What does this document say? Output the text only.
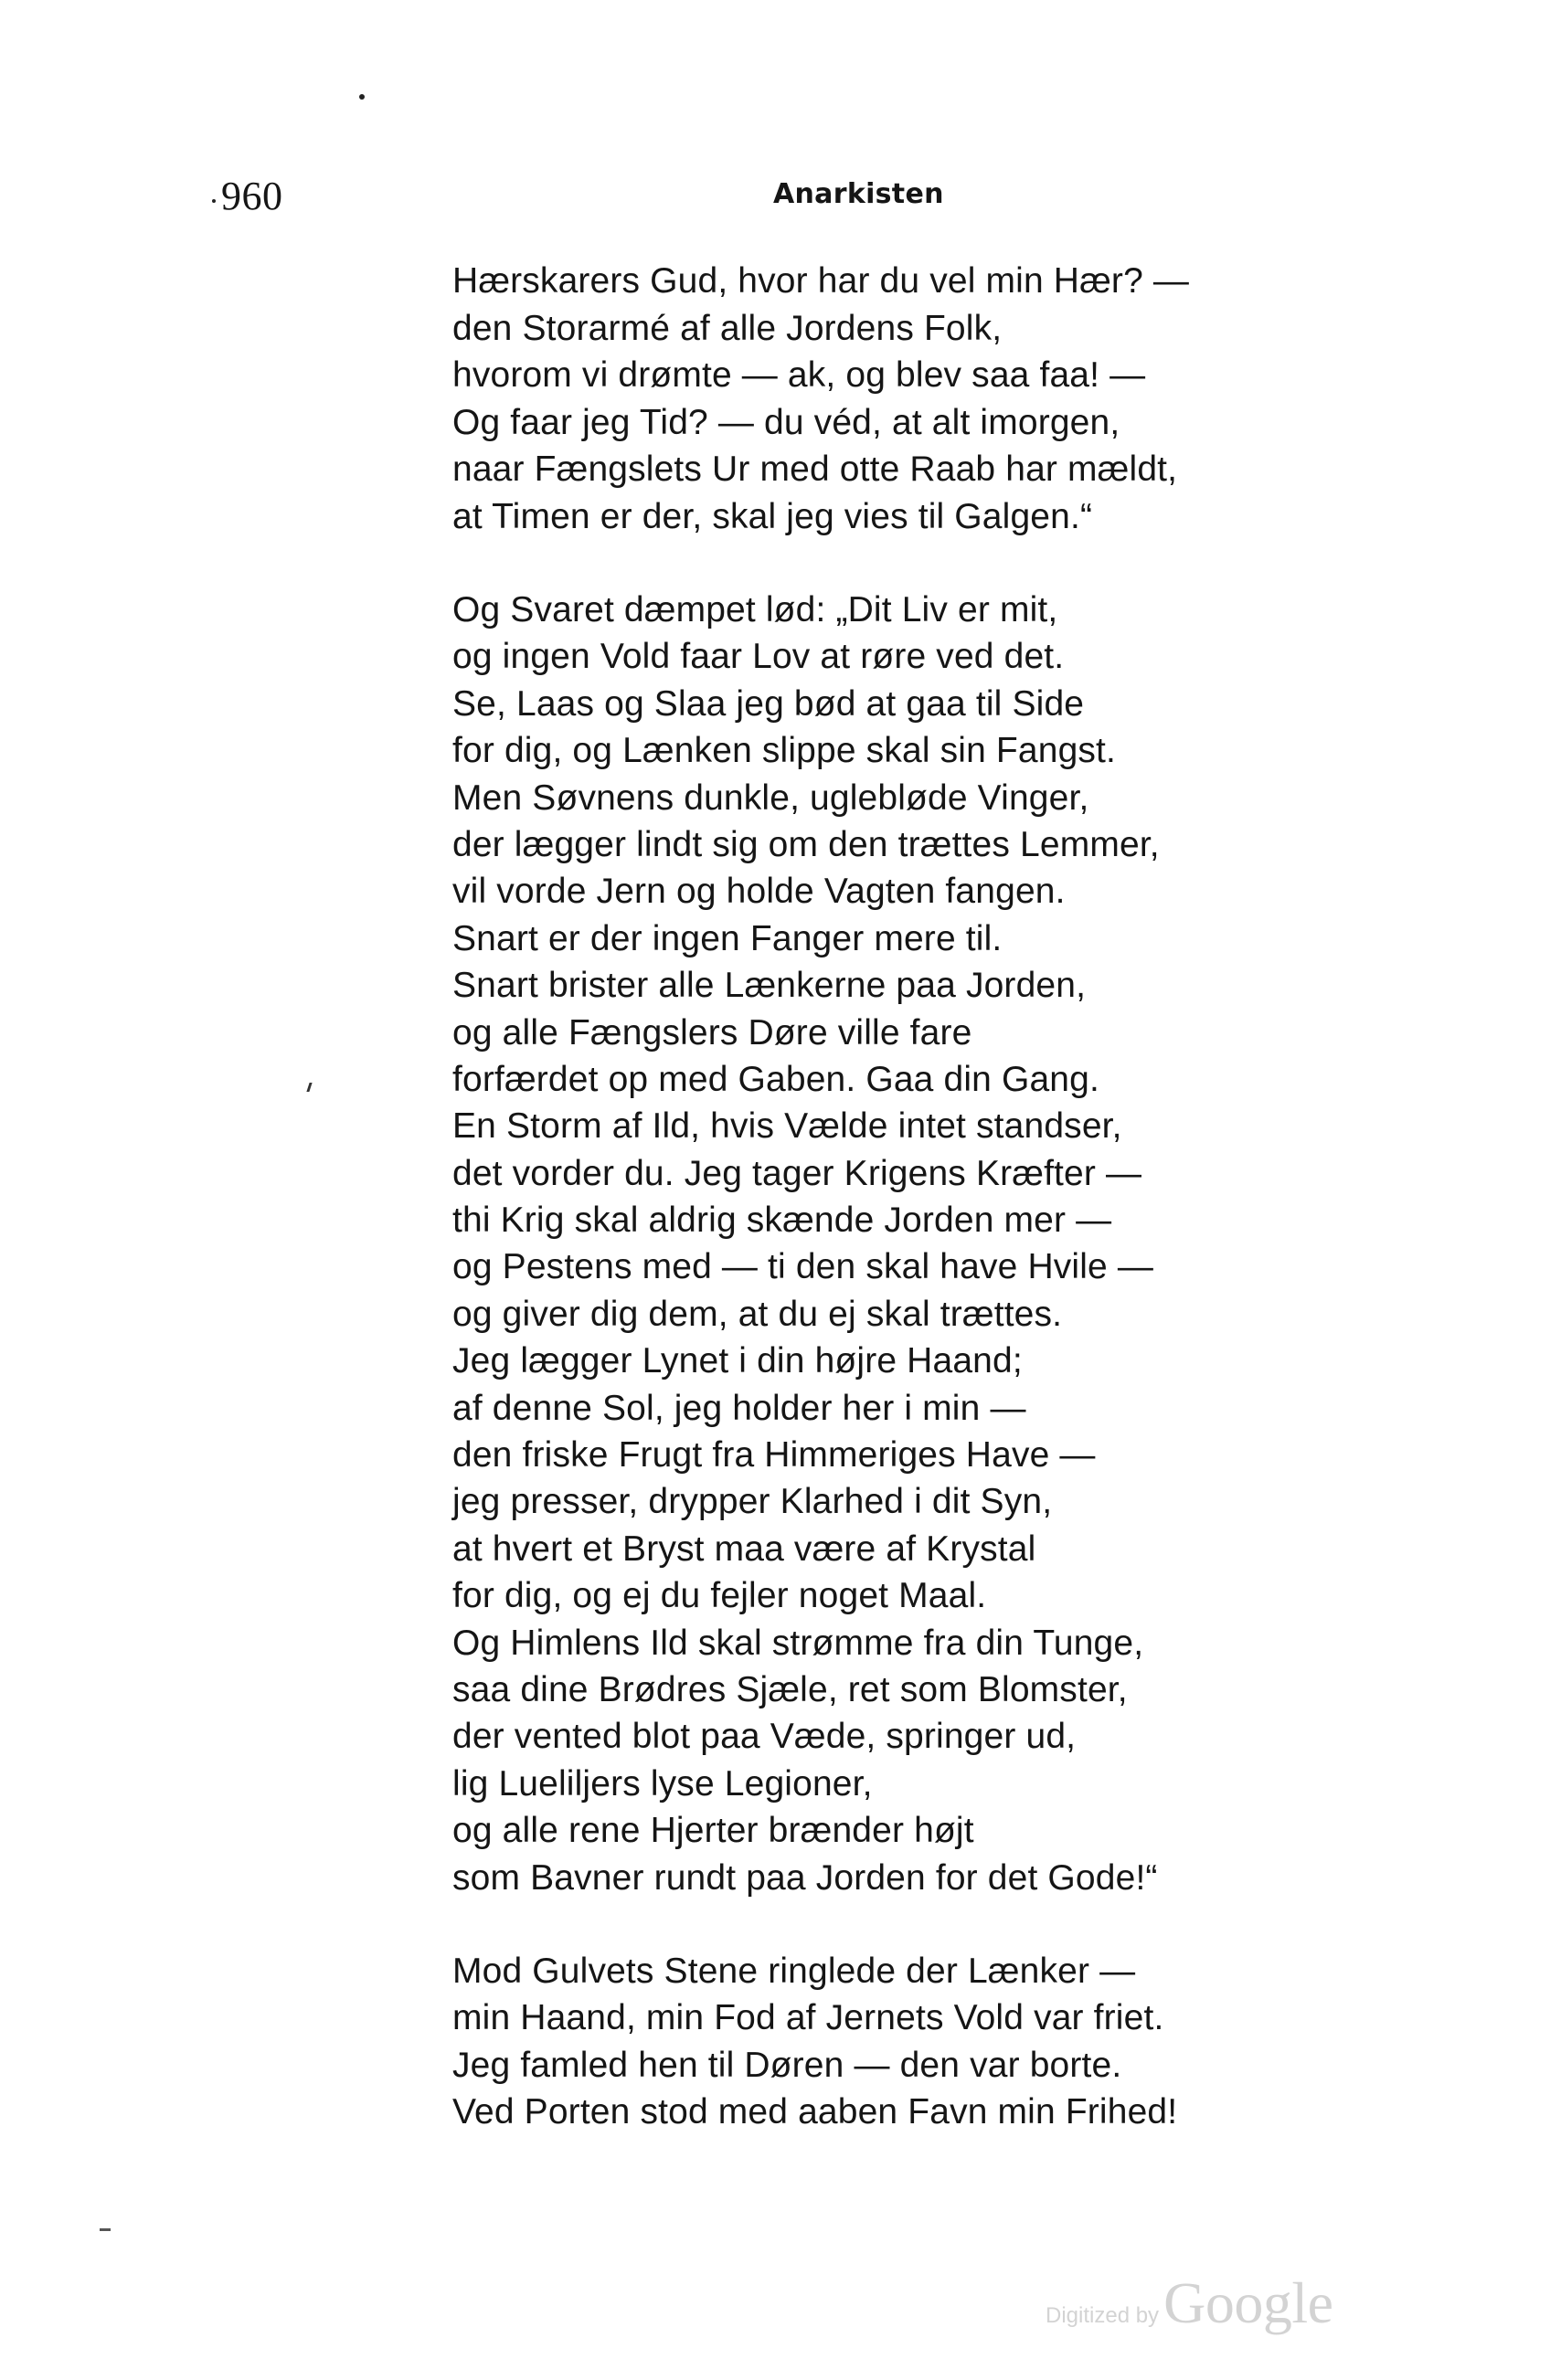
960	Anarkisten
Hærskarers Gud, hvor har du vel min Hær? —
den Storarmé af alle Jordens Folk,
hvorom vi drømte — ak, og blev saa faa! —
Og faar jeg Tid? — du véd, at alt imorgen,
naar Fængslets Ur med otte Raab har mældt,
at Timen er der, skal jeg vies til Galgen.“
Og Svaret dæmpet lød: „Dit Liv er mit,
og ingen Vold faar Lov at røre ved det.
Se, Laas og Slaa jeg bød at gaa til Side
for dig, og Lænken slippe skal sin Fangst.
Men Søvnens dunkle, uglebløde Vinger,
der lægger lindt sig om den trættes Lemmer,
vil vorde Jern og holde Vagten fangen.
Snart er der ingen Fanger mere til.
Snart brister alle Lænkerne paa Jorden,
og alle Fængslers Døre ville fare
forfærdet op med Gaben. Gaa din Gang.
En Storm af Ild, hvis Vælde intet standser,
det vorder du. Jeg tager Krigens Kræfter —
thi Krig skal aldrig skænde Jorden mer —
og Pestens med — ti den skal have Hvile —
og giver dig dem, at du ej skal trættes.
Jeg lægger Lynet i din højre Haand;
af denne Sol, jeg holder her i min —
den friske Frugt fra Himmeriges Have —
jeg presser, drypper Klarhed i dit Syn,
at hvert et Bryst maa være af Krystal
for dig, og ej du fejler noget Maal.
Og Himlens Ild skal strømme fra din Tunge,
saa dine Brødres Sjæle, ret som Blomster,
der vented blot paa Væde, springer ud,
lig Lueliljers lyse Legioner,
og alle rene Hjerter brænder højt
som Bavner rundt paa Jorden for det Gode!“
Mod Gulvets Stene ringlede der Lænker —
min Haand, min Fod af Jernets Vold var friet.
Jeg famled hen til Døren — den var borte.
Ved Porten stod med aaben Favn min Frihed!
Digitized by Google
